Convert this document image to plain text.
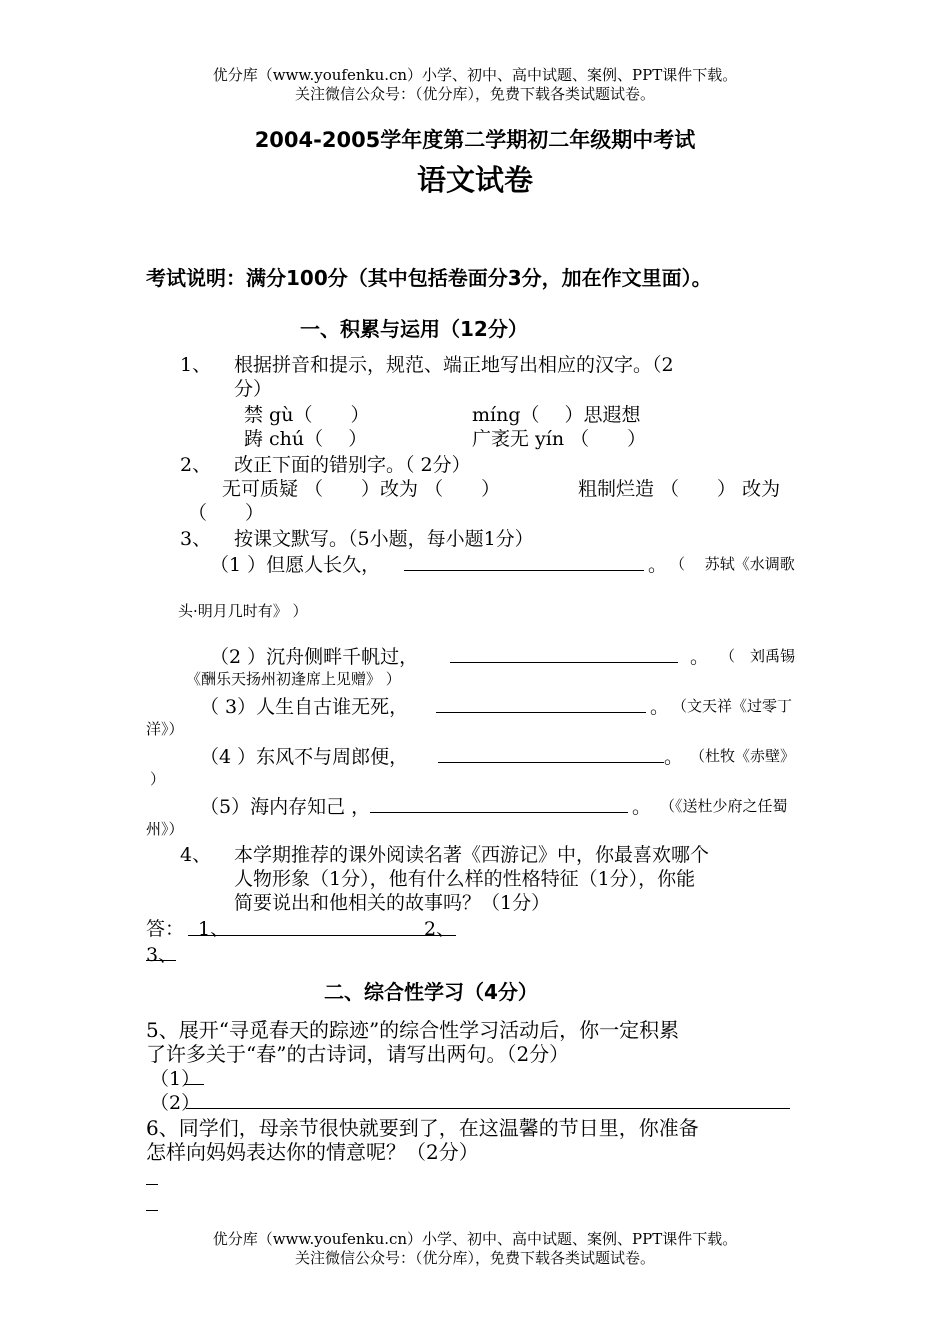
优分库（www.youfenku.cn）小学、初中、高中试题、案例、PPT课件下载。
关注微信公众号：（优分库），免费下载各类试题试卷。
2004-2005学年度第二学期初二年级期中考试
语文试卷
考试说明：满分100分（其中包括卷面分3分，加在作文里面）。
一、积累与运用（12分）
1、 根据拼音和提示，规范、端正地写出相应的汉字。（2
分）
禁 gù（　　）	míng（　 ）思遐想
踌 chú（　 ）	广袤无 yín （　　）
2、 改正下面的错别字。（ 2分）
无可质疑 （　　）改为 （　　）	粗制烂造 （　　） 改为
（　　）
3、 按课文默写。（5小题，每小题1分）
（1 ）但愿人长久，	。 （　 苏轼《水调歌
头·明月几时有》 ）
（2 ）沉舟侧畔千帆过，	。 （　刘禹锡
《酬乐天扬州初逢席上见赠》 ）
（ 3）人生自古谁无死，	。 （文天祥《过零丁
洋》）
（4 ）东风不与周郎便，	。 （杜牧《赤壁》
）
（5）海内存知己 ，	。 （《送杜少府之任蜀
州》）
4、 本学期推荐的课外阅读名著《西游记》中，你最喜欢哪个
人物形象（1分），他有什么样的性格特征（1分），你能
简要说出和他相关的故事吗？（1分）
答： 1、	2、
3、
二、综合性学习（4分）
5、展开“寻觅春天的踪迹”的综合性学习活动后，你一定积累
了许多关于“春”的古诗词，请写出两句。（2分）
（1）
（2）
6、同学们，母亲节很快就要到了，在这温馨的节日里，你准备
怎样向妈妈表达你的情意呢？（2分）
优分库（www.youfenku.cn）小学、初中、高中试题、案例、PPT课件下载。
关注微信公众号：（优分库），免费下载各类试题试卷。
